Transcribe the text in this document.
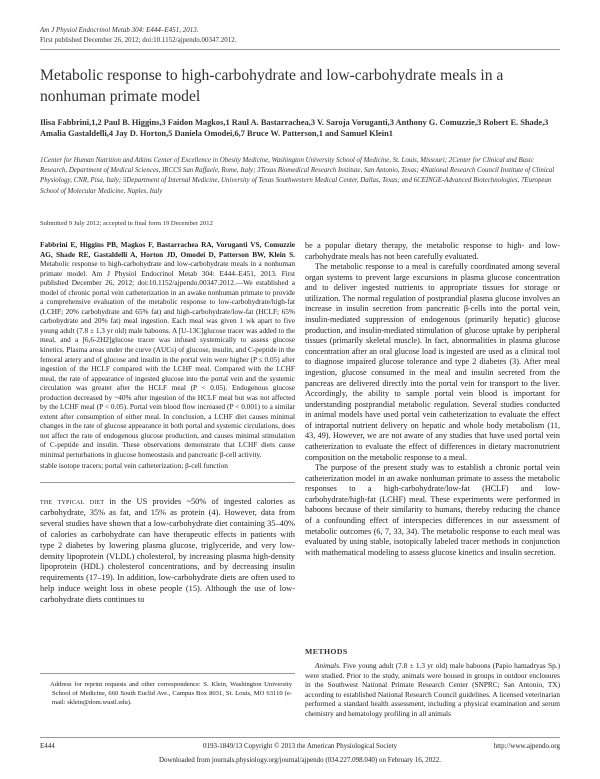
Am J Physiol Endocrinol Metab 304: E444–E451, 2013.
First published December 26, 2012; doi:10.1152/ajpendo.00347.2012.
Metabolic response to high-carbohydrate and low-carbohydrate meals in a nonhuman primate model
Ilisa Fabbrini,1,2 Paul B. Higgins,3 Faidon Magkos,1 Raul A. Bastarrachea,3 V. Saroja Voruganti,3 Anthony G. Comuzzie,3 Robert E. Shade,3 Amalia Gastaldelli,4 Jay D. Horton,5 Daniela Omodei,6,7 Bruce W. Patterson,1 and Samuel Klein1
1Center for Human Nutrition and Atkins Center of Excellence in Obesity Medicine, Washington University School of Medicine, St. Louis, Missouri; 2Center for Clinical and Basic Research, Department of Medical Sciences, IRCCS San Raffaele, Rome, Italy; 3Texas Biomedical Research Institute, San Antonio, Texas; 4National Research Council Institute of Clinical Physiology, CNR, Pisa, Italy; 5Department of Internal Medicine, University of Texas Southwestern Medical Center, Dallas, Texas; and 6CEINGE-Advanced Biotechnologies, 7European School of Molecular Medicine, Naples, Italy
Submitted 9 July 2012; accepted in final form 19 December 2012

Fabbrini E, Higgins PB, Magkos F, Bastarrachea RA, Voruganti VS, Comuzzie AG, Shade RE, Gastaldelli A, Horton JD, Omodei D, Patterson BW, Klein S. Metabolic response to high-carbohydrate and low-carbohydrate meals in a nonhuman primate model. Am J Physiol Endocrinol Metab 304: E444–E451, 2013. First published December 26, 2012; doi:10.1152/ajpendo.00347.2012.—We established a model of chronic portal vein catheterization in an awake nonhuman primate to provide a comprehensive evaluation of the metabolic response to low-carbohydrate/high-fat (LCHF; 20% carbohydrate and 65% fat) and high-carbohydrate/low-fat (HCLF; 65% carbohydrate and 20% fat) meal ingestion. Each meal was given 1 wk apart to five young adult (7.8 ± 1.3 yr old) male baboons. A [U-13C]glucose tracer was added to the meal, and a [6,6-2H2]glucose tracer was infused systemically to assess glucose kinetics. Plasma areas under the curve (AUCs) of glucose, insulin, and C-peptide in the femoral artery and of glucose and insulin in the portal vein were higher (P ≤ 0.05) after ingestion of the HCLF compared with the LCHF meal. Compared with the LCHF meal, the rate of appearance of ingested glucose into the portal vein and the systemic circulation was greater after the HCLF meal (P < 0.05). Endogenous glucose production decreased by ~40% after ingestion of the HCLF meal but was not affected by the LCHF meal (P < 0.05). Portal vein blood flow increased (P < 0.001) to a similar extent after consumption of either meal. In conclusion, a LCHF diet causes minimal changes in the rate of glucose appearance in both portal and systemic circulations, does not affect the rate of endogenous glucose production, and causes minimal stimulation of C-peptide and insulin. These observations demonstrate that LCHF diets cause minimal perturbations in glucose homeostasis and pancreatic β-cell activity.

stable isotope tracers; portal vein catheterization; β-cell function

the typical diet in the US provides ~50% of ingested calories as carbohydrate, 35% as fat, and 15% as protein (4). However, data from several studies have shown that a low-carbohydrate diet containing 35–40% of calories as carbohydrate can have therapeutic effects in patients with type 2 diabetes by lowering plasma glucose, triglyceride, and very low-density lipoprotein (VLDL) cholesterol, by increasing plasma high-density lipoprotein (HDL) cholesterol concentrations, and by decreasing insulin requirements (17–19). In addition, low-carbohydrate diets are often used to help induce weight loss in obese people (15). Although the use of low-carbohydrate diets continues to

be a popular dietary therapy, the metabolic response to high- and low-carbohydrate meals has not been carefully evaluated.

The metabolic response to a meal is carefully coordinated among several organ systems to prevent large excursions in plasma glucose concentration and to deliver ingested nutrients to appropriate tissues for storage or utilization. The normal regulation of postprandial plasma glucose involves an increase in insulin secretion from pancreatic β-cells into the portal vein, insulin-mediated suppression of endogenous (primarily hepatic) glucose production, and insulin-mediated stimulation of glucose uptake by peripheral tissues (primarily skeletal muscle). In fact, abnormalities in plasma glucose concentration after an oral glucose load is ingested are used as a clinical tool to diagnose impaired glucose tolerance and type 2 diabetes (3). After meal ingestion, glucose consumed in the meal and insulin secreted from the pancreas are delivered directly into the portal vein for transport to the liver. Accordingly, the ability to sample portal vein blood is important for understanding postprandial metabolic regulation. Several studies conducted in animal models have used portal vein catheterization to evaluate the effect of intraportal nutrient delivery on hepatic and whole body metabolism (11, 43, 49). However, we are not aware of any studies that have used portal vein catheterization to evaluate the effect of differences in dietary macronutrient composition on the metabolic response to a meal.

The purpose of the present study was to establish a chronic portal vein catheterization model in an awake nonhuman primate to assess the metabolic responses to a high-carbohydrate/low-fat (HCLF) and low-carbohydrate/high-fat (LCHF) meal. These experiments were performed in baboons because of their similarity to humans, thereby reducing the chance of a confounding effect of interspecies differences in our assessment of metabolic outcomes (6, 7, 33, 34). The metabolic response to each meal was evaluated by using stable, isotopically labeled tracer methods in conjunction with mathematical modeling to assess glucose kinetics and insulin secretion.

METHODS
Animals. Five young adult (7.8 ± 1.3 yr old) male baboons (Papio hamadryas Sp.) were studied. Prior to the study, animals were housed in groups in outdoor enclosures in the Southwest National Primate Research Center (SNPRC; San Antonio, TX) according to established National Research Council guidelines. A licensed veterinarian performed a standard health assessment, including a physical examination and serum chemistry and hematology profiling in all animals
Address for reprint requests and other correspondence: S. Klein, Washington University School of Medicine, 660 South Euclid Ave., Campus Box 8031, St. Louis, MO 63110 (e-mail: sklein@dom.wustl.edu).
E444	0193-1849/13 Copyright © 2013 the American Physiological Society	http://www.ajpendo.org
Downloaded from journals.physiology.org/journal/ajpendo (034.227.098.040) on February 16, 2022.
